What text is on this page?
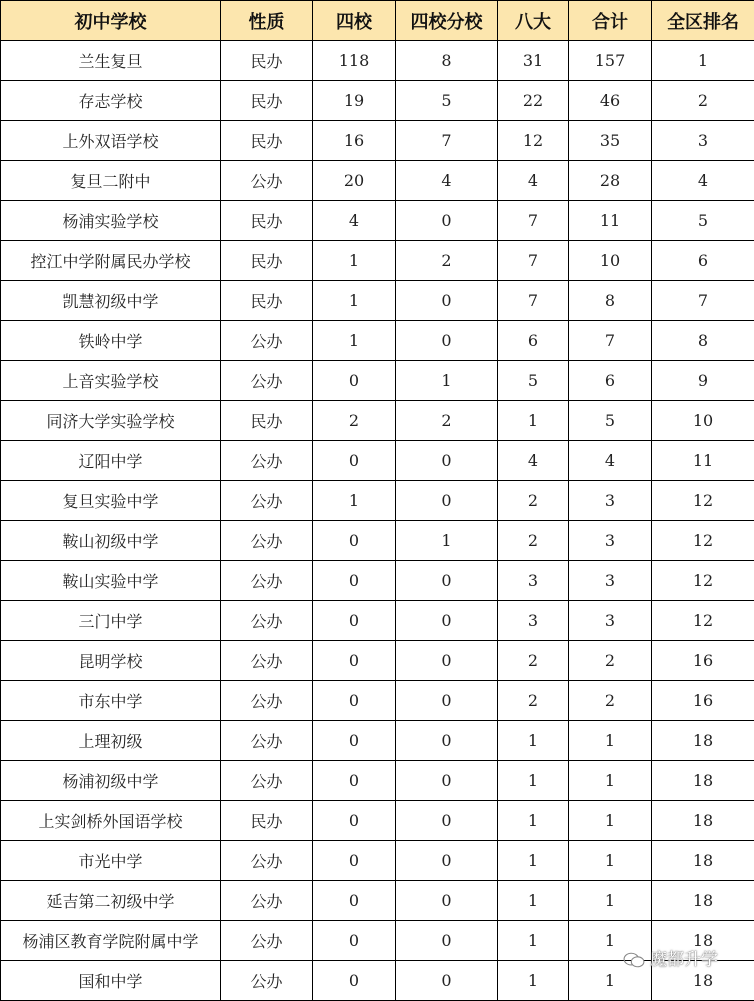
初中学校	性质	四校	四校分校	八大	合计	全区排名
兰生复旦	民办	118	8	31	157	1
存志学校	民办	19	5	22	46	2
上外双语学校	民办	16	7	12	35	3
复旦二附中	公办	20	4	4	28	4
杨浦实验学校	民办	4	0	7	11	5
控江中学附属民办学校	民办	1	2	7	10	6
凯慧初级中学	民办	1	0	7	8	7
铁岭中学	公办	1	0	6	7	8
上音实验学校	公办	0	1	5	6	9
同济大学实验学校	民办	2	2	1	5	10
辽阳中学	公办	0	0	4	4	11
复旦实验中学	公办	1	0	2	3	12
鞍山初级中学	公办	0	1	2	3	12
鞍山实验中学	公办	0	0	3	3	12
三门中学	公办	0	0	3	3	12
昆明学校	公办	0	0	2	2	16
市东中学	公办	0	0	2	2	16
上理初级	公办	0	0	1	1	18
杨浦初级中学	公办	0	0	1	1	18
上实剑桥外国语学校	民办	0	0	1	1	18
市光中学	公办	0	0	1	1	18
延吉第二初级中学	公办	0	0	1	1	18
杨浦区教育学院附属中学	公办	0	0	1	1	18
国和中学	公办	0	0	1	1	18
魔都升学
